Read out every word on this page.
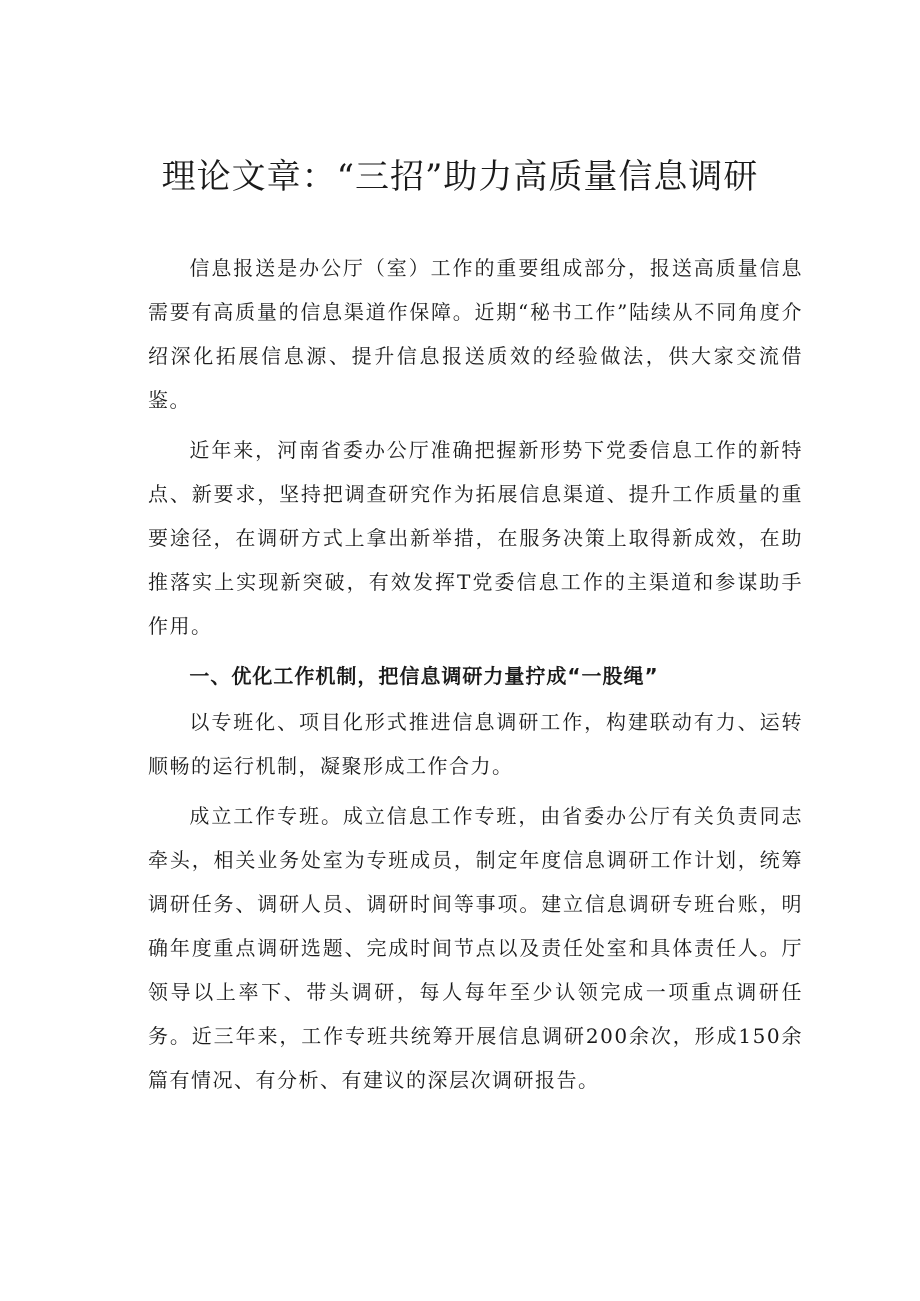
理论文章：“三招”助力高质量信息调研

信息报送是办公厅（室）工作的重要组成部分，报送高质量信息需要有高质量的信息渠道作保障。近期“秘书工作”陆续从不同角度介绍深化拓展信息源、提升信息报送质效的经验做法，供大家交流借鉴。

近年来，河南省委办公厅准确把握新形势下党委信息工作的新特点、新要求，坚持把调查研究作为拓展信息渠道、提升工作质量的重要途径，在调研方式上拿出新举措，在服务决策上取得新成效，在助推落实上实现新突破，有效发挥T党委信息工作的主渠道和参谋助手作用。

一、优化工作机制，把信息调研力量拧成“一股绳”

以专班化、项目化形式推进信息调研工作，构建联动有力、运转顺畅的运行机制，凝聚形成工作合力。

成立工作专班。成立信息工作专班，由省委办公厅有关负责同志牵头，相关业务处室为专班成员，制定年度信息调研工作计划，统筹调研任务、调研人员、调研时间等事项。建立信息调研专班台账，明确年度重点调研选题、完成时间节点以及责任处室和具体责任人。厅领导以上率下、带头调研，每人每年至少认领完成一项重点调研任务。近三年来，工作专班共统筹开展信息调研200余次，形成150余篇有情况、有分析、有建议的深层次调研报告。
